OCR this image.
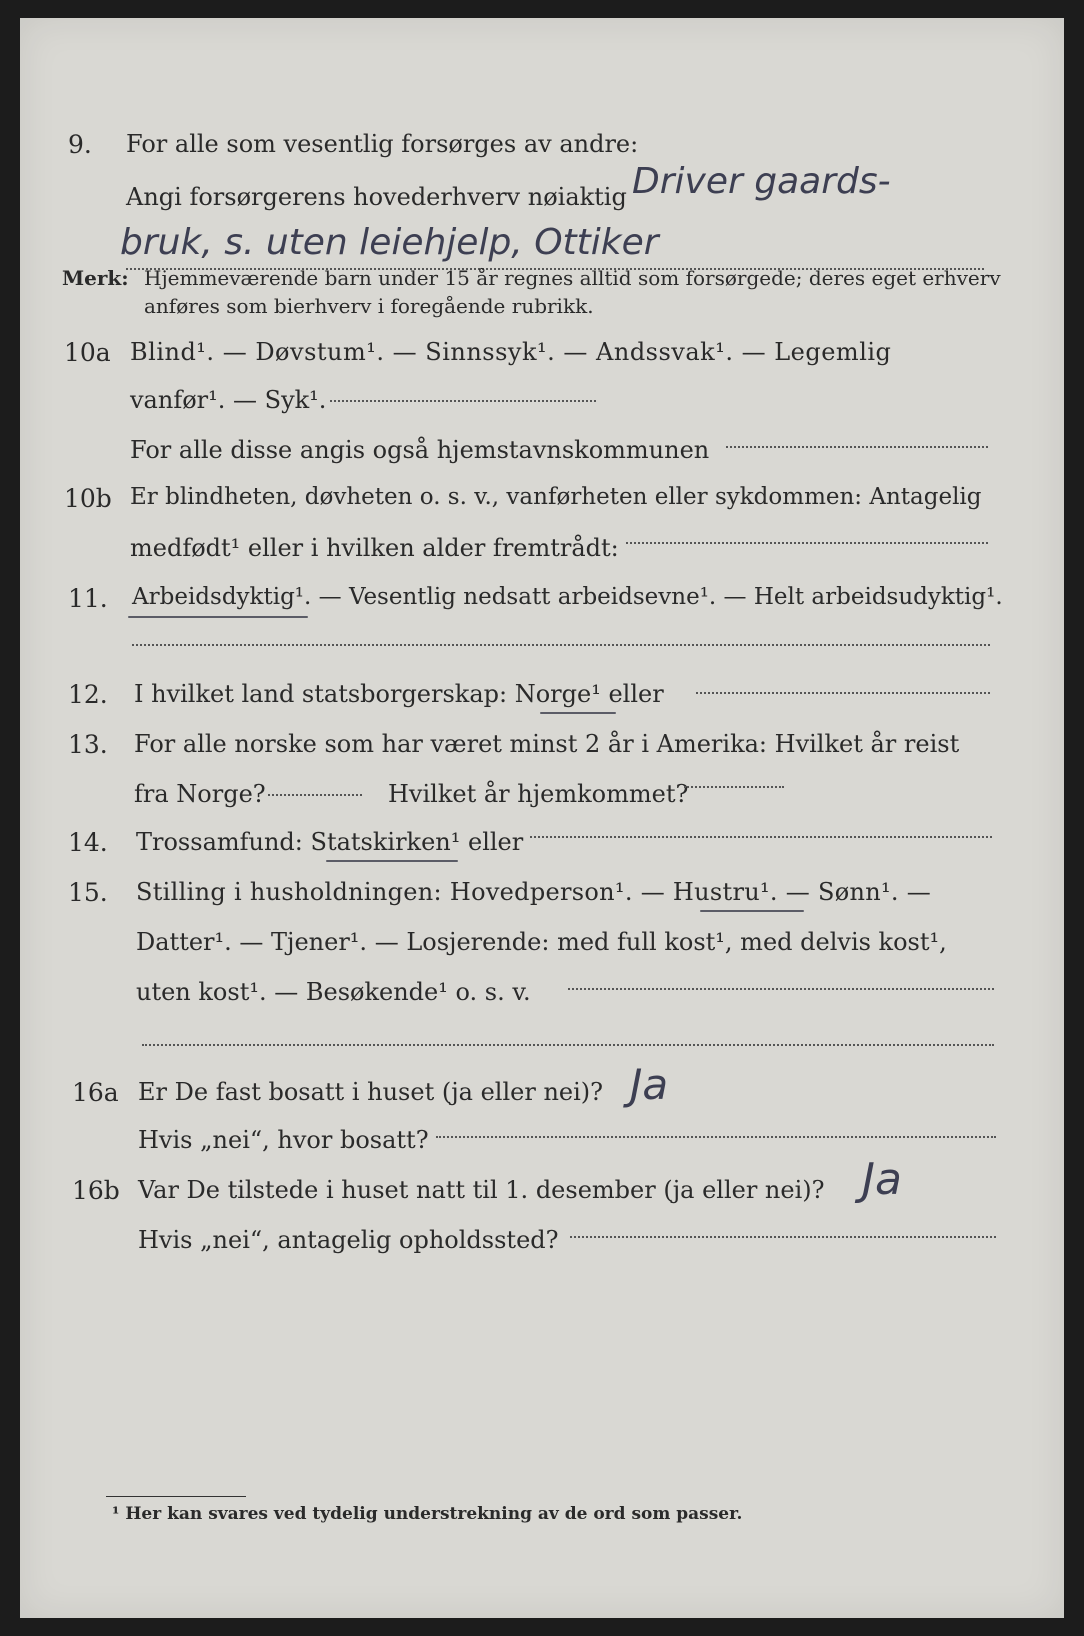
9. For alle som vesentlig forsørges av andre:
Angi forsørgerens hovederhverv nøiaktig Driver gaards-
bruk, s. uten leiehjelp, Ottiker
Merk: Hjemmeværende barn under 15 år regnes alltid som forsørgede; deres eget erhverv
anføres som bierhverv i foregående rubrikk.
10a Blind¹. — Døvstum¹. — Sinnssyk¹. — Andssvak¹. — Legemlig
vanfør¹. — Syk¹.
For alle disse angis også hjemstavnskommunen
10b Er blindheten, døvheten o. s. v., vanførheten eller sykdommen: Antagelig
medfødt¹ eller i hvilken alder fremtrådt:
11. Arbeidsdyktig¹. — Vesentlig nedsatt arbeidsevne¹. — Helt arbeidsudyktig¹.
12. I hvilket land statsborgerskap: Norge¹ eller
13. For alle norske som har været minst 2 år i Amerika: Hvilket år reist
fra Norge?	Hvilket år hjemkommet?
14. Trossamfund: Statskirken¹ eller
15. Stilling i husholdningen: Hovedperson¹. — Hustru¹. — Sønn¹. —
Datter¹. — Tjener¹. — Losjerende: med full kost¹, med delvis kost¹,
uten kost¹. — Besøkende¹ o. s. v.
16a Er De fast bosatt i huset (ja eller nei)? Ja
Hvis „nei“, hvor bosatt?
16b Var De tilstede i huset natt til 1. desember (ja eller nei)? Ja
Hvis „nei“, antagelig opholdssted?
¹ Her kan svares ved tydelig understrekning av de ord som passer.
